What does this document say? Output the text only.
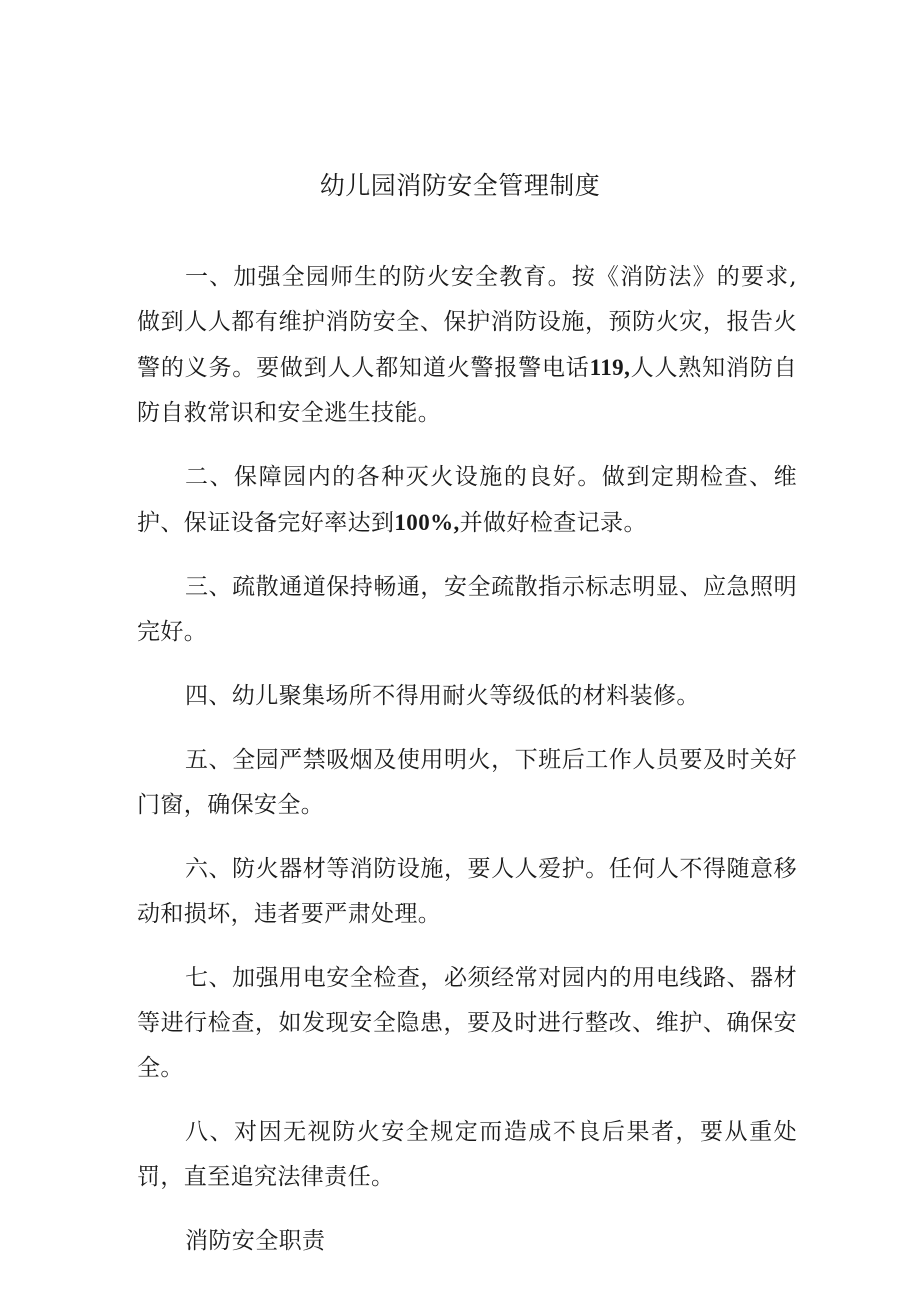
幼儿园消防安全管理制度

一、加强全园师生的防火安全教育。按《消防法》的要求,做到人人都有维护消防安全、保护消防设施，预防火灾，报告火警的义务。要做到人人都知道火警报警电话119,人人熟知消防自防自救常识和安全逃生技能。

二、保障园内的各种灭火设施的良好。做到定期检查、维护、保证设备完好率达到100%,并做好检查记录。

三、疏散通道保持畅通，安全疏散指示标志明显、应急照明完好。

四、幼儿聚集场所不得用耐火等级低的材料装修。

五、全园严禁吸烟及使用明火，下班后工作人员要及时关好门窗，确保安全。

六、防火器材等消防设施，要人人爱护。任何人不得随意移动和损坏，违者要严肃处理。

七、加强用电安全检查，必须经常对园内的用电线路、器材等进行检查，如发现安全隐患，要及时进行整改、维护、确保安全。

八、对因无视防火安全规定而造成不良后果者，要从重处罚，直至追究法律责任。

消防安全职责
